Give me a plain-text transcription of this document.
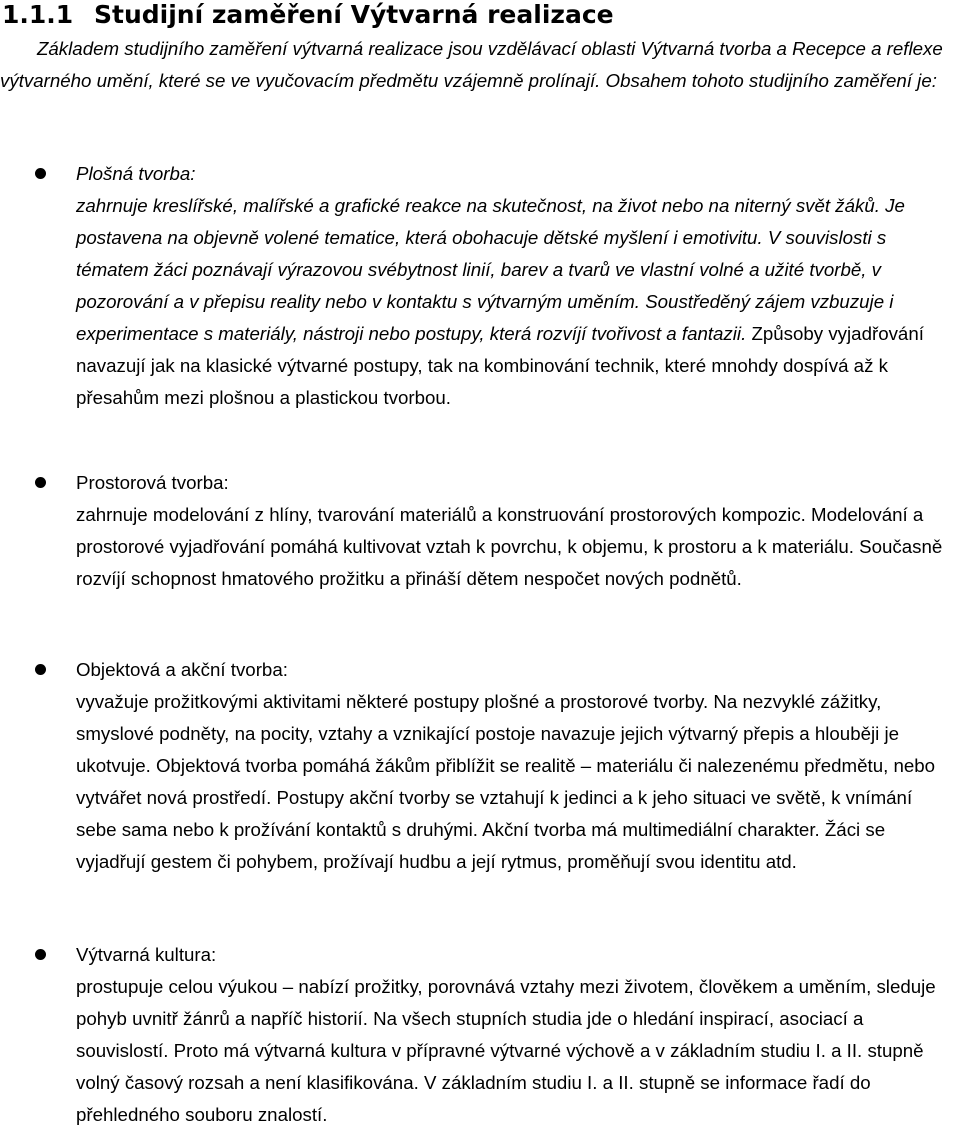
1.1.1 Studijní zaměření Výtvarná realizace

Základem studijního zaměření výtvarná realizace jsou vzdělávací oblasti Výtvarná tvorba a Recepce a reflexe výtvarného umění, které se ve vyučovacím předmětu vzájemně prolínají. Obsahem tohoto studijního zaměření je:

Plošná tvorba:

zahrnuje kreslířské, malířské a grafické reakce na skutečnost, na život nebo na niterný svět žáků. Je postavena na objevně volené tematice, která obohacuje dětské myšlení i emotivitu. V souvislosti s tématem žáci poznávají výrazovou svébytnost linií, barev a tvarů ve vlastní volné a užité tvorbě, v pozorování a v přepisu reality nebo v kontaktu s výtvarným uměním. Soustředěný zájem vzbuzuje i experimentace s materiály, nástroji nebo postupy, která rozvíjí tvořivost a fantazii. Způsoby vyjadřování navazují jak na klasické výtvarné postupy, tak na kombinování technik, které mnohdy dospívá až k přesahům mezi plošnou a plastickou tvorbou.

Prostorová tvorba:

zahrnuje modelování z hlíny, tvarování materiálů a konstruování prostorových kompozic. Modelování a prostorové vyjadřování pomáhá kultivovat vztah k povrchu, k objemu, k prostoru a k materiálu. Současně rozvíjí schopnost hmatového prožitku a přináší dětem nespočet nových podnětů.

Objektová a akční tvorba:

vyvažuje prožitkovými aktivitami některé postupy plošné a prostorové tvorby. Na nezvyklé zážitky, smyslové podněty, na pocity, vztahy a vznikající postoje navazuje jejich výtvarný přepis a hlouběji je ukotvuje. Objektová tvorba pomáhá žákům přiblížit se realitě – materiálu či nalezenému předmětu, nebo vytvářet nová prostředí. Postupy akční tvorby se vztahují k jedinci a k jeho situaci ve světě, k vnímání sebe sama nebo k prožívání kontaktů s druhými. Akční tvorba má multimediální charakter. Žáci se vyjadřují gestem či pohybem, prožívají hudbu a její rytmus, proměňují svou identitu atd.

Výtvarná kultura:

prostupuje celou výukou – nabízí prožitky, porovnává vztahy mezi životem, člověkem a uměním, sleduje pohyb uvnitř žánrů a napříč historií. Na všech stupních studia jde o hledání inspirací, asociací a souvislostí. Proto má výtvarná kultura v přípravné výtvarné výchově a v základním studiu I. a II. stupně volný časový rozsah a není klasifikována. V základním studiu I. a II. stupně se informace řadí do přehledného souboru znalostí.
